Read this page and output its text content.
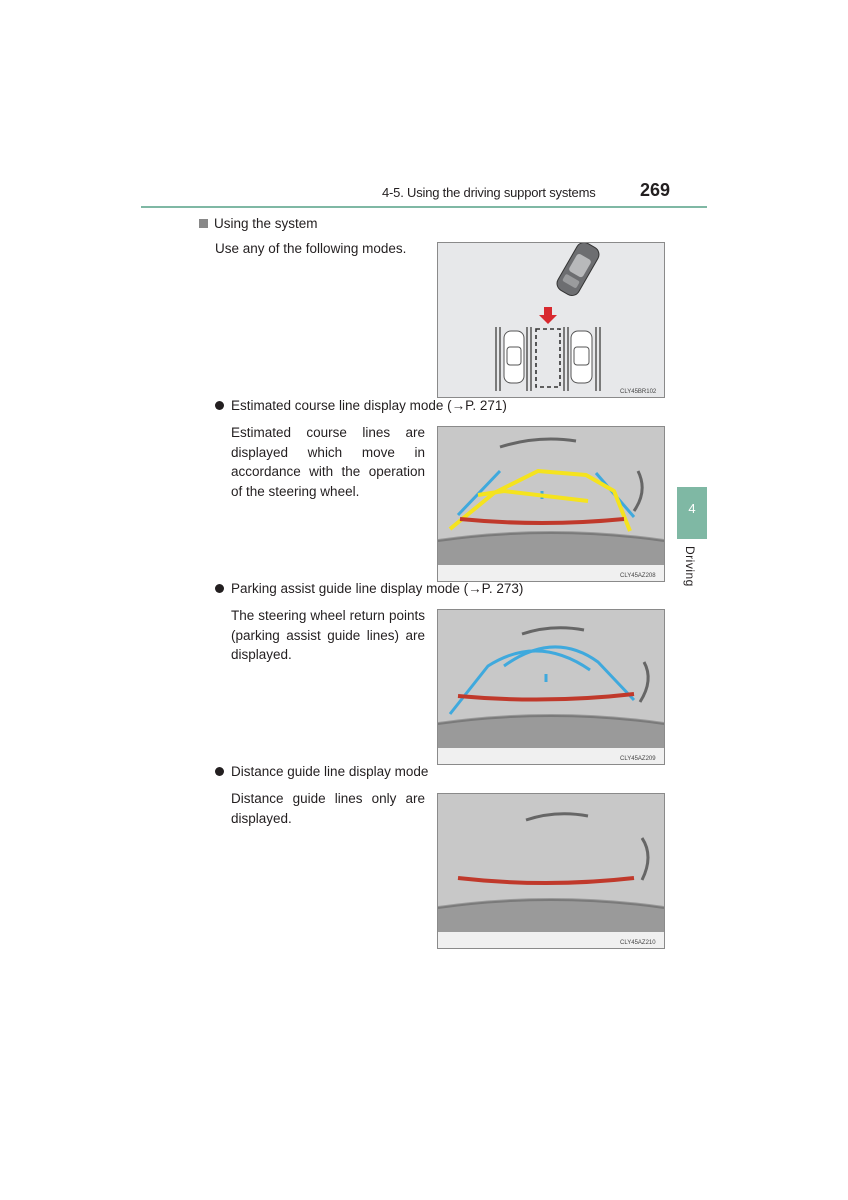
4-5. Using the driving support systems 269
4
Driving
Using the system
Use any of the following modes.
CLY45BR102
Estimated course line display mode (→P. 271)
Estimated course lines are displayed which move in accordance with the operation of the steering wheel.
CLY45AZ208
Parking assist guide line display mode (→P. 273)
The steering wheel return points (parking assist guide lines) are displayed.
CLY45AZ209
Distance guide line display mode
Distance guide lines only are displayed.
CLY45AZ210
